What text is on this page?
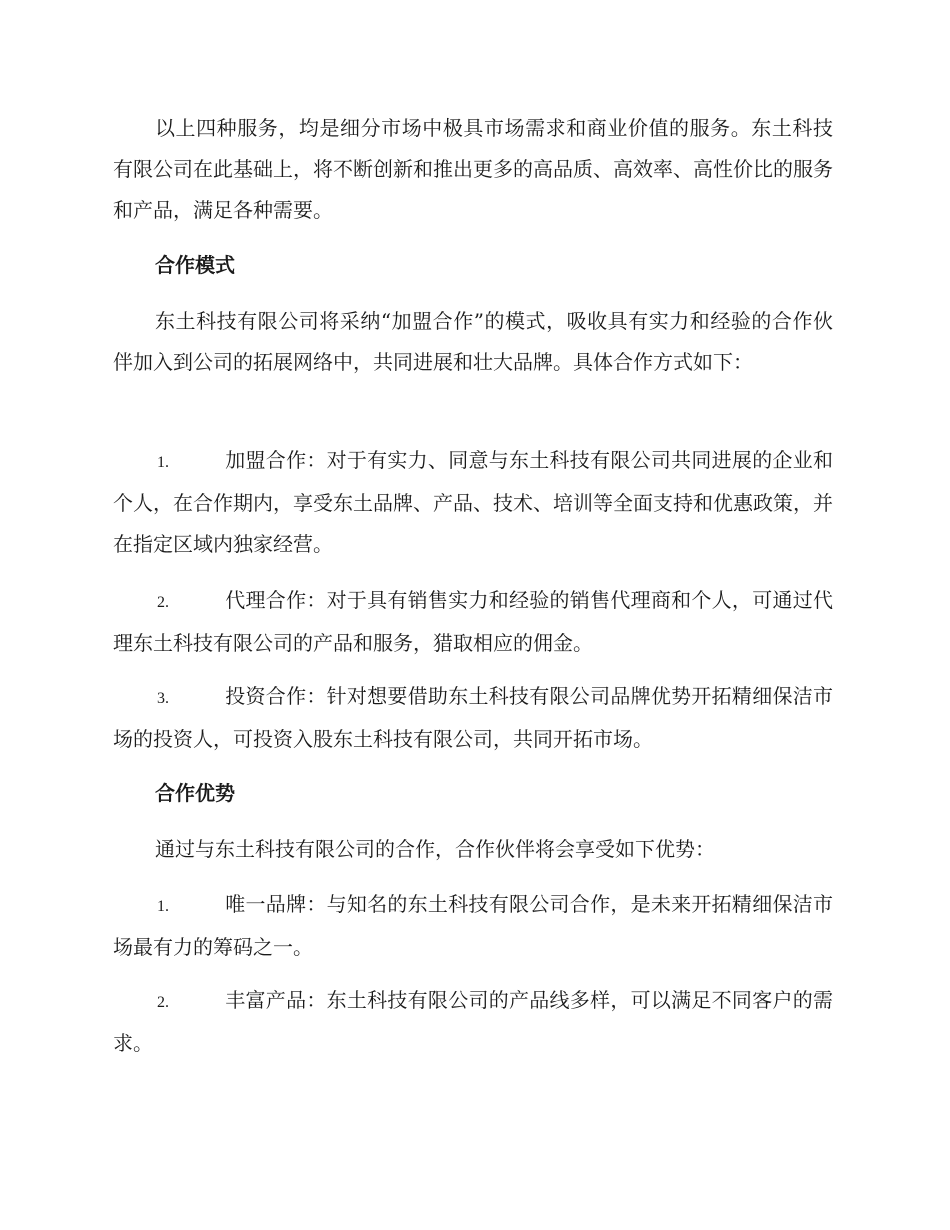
以上四种服务，均是细分市场中极具市场需求和商业价值的服务。东土科技有限公司在此基础上，将不断创新和推出更多的高品质、高效率、高性价比的服务和产品，满足各种需要。

合作模式

东土科技有限公司将采纳“加盟合作”的模式，吸收具有实力和经验的合作伙伴加入到公司的拓展网络中，共同进展和壮大品牌。具体合作方式如下：

1.	加盟合作：对于有实力、同意与东土科技有限公司共同进展的企业和个人，在合作期内，享受东土品牌、产品、技术、培训等全面支持和优惠政策，并在指定区域内独家经营。

2.	代理合作：对于具有销售实力和经验的销售代理商和个人，可通过代理东土科技有限公司的产品和服务，猎取相应的佣金。

3.	投资合作：针对想要借助东土科技有限公司品牌优势开拓精细保洁市场的投资人，可投资入股东土科技有限公司，共同开拓市场。

合作优势

通过与东土科技有限公司的合作，合作伙伴将会享受如下优势：

1.	唯一品牌：与知名的东土科技有限公司合作，是未来开拓精细保洁市场最有力的筹码之一。

2.	丰富产品：东土科技有限公司的产品线多样，可以满足不同客户的需求。
